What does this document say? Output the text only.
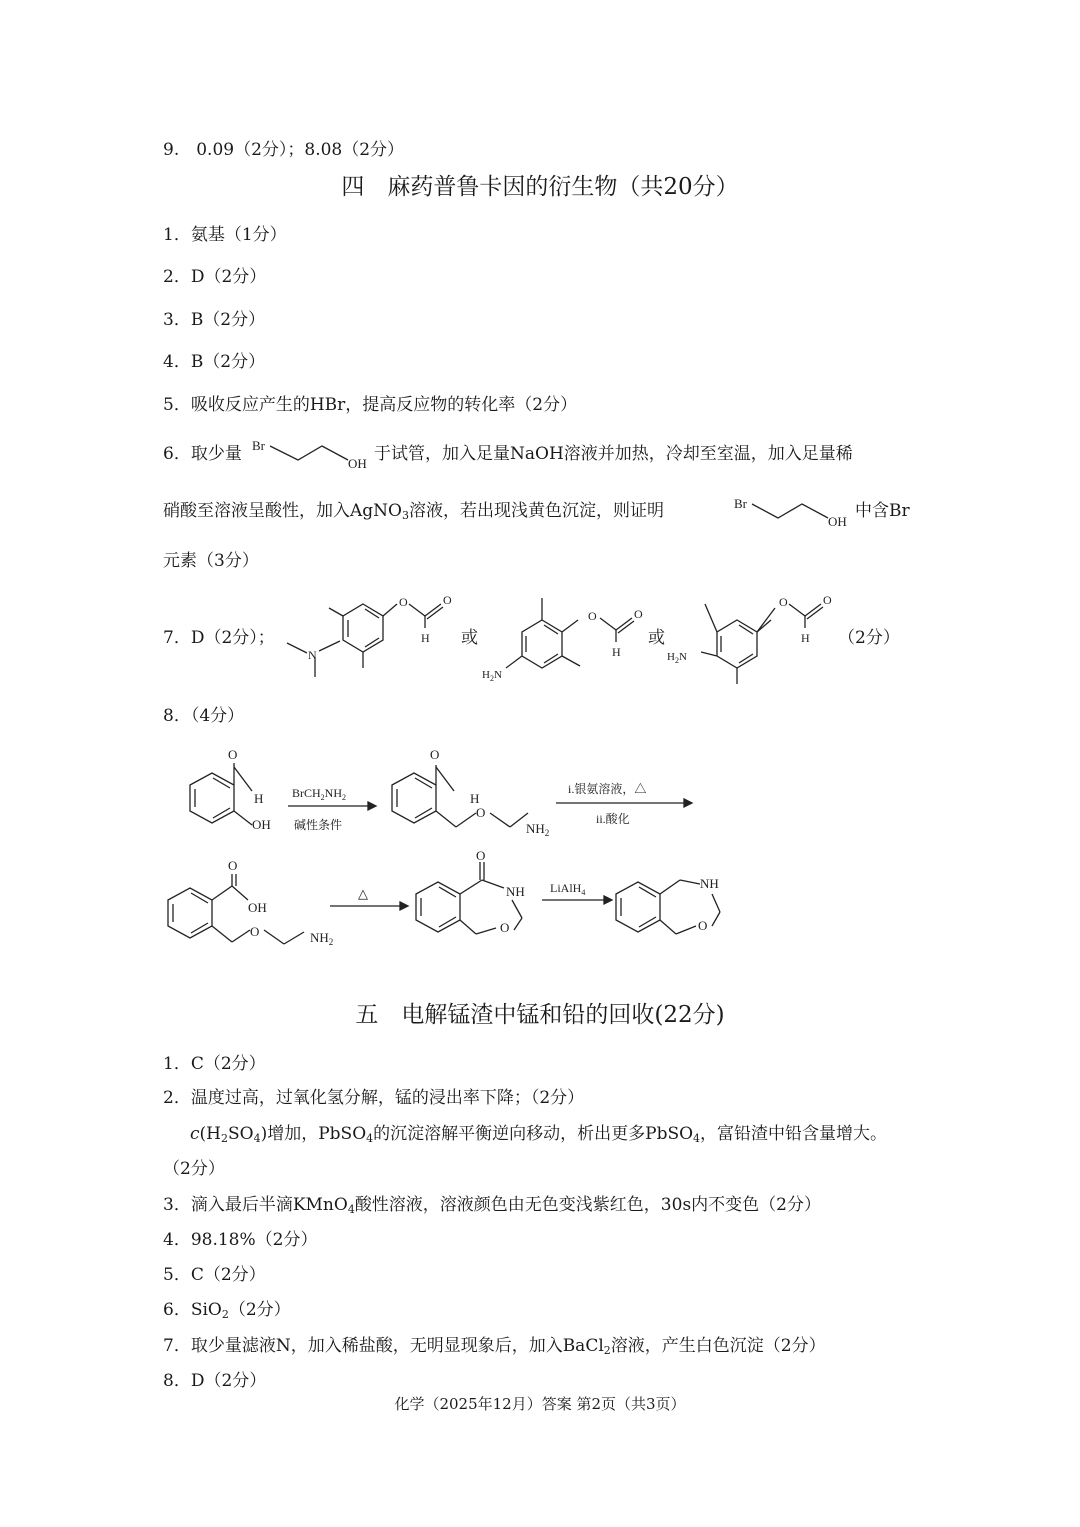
9.　0.09（2分）；8.08（2分）
四　麻药普鲁卡因的衍生物（共20分）
1．氨基（1分）
2．D（2分）
3．B（2分）
4．B（2分）
5．吸收反应产生的HBr，提高反应物的转化率（2分）
6．取少量 Br
OH 于试管，加入足量NaOH溶液并加热，冷却至室温，加入足量稀
硝酸至溶液呈酸性，加入AgNO$_3$溶液，若出现浅黄色沉淀，则证明	Br
OH
中含Br
元素（3分）
7．D（2分）；
O	O
H
N
或
O	O
H
$H_2N$
或
$H_2N$
O	O
H （2分）
8．（4分）
O
H
OH
$BrCH_2NH_2$
碱性条件
O
H
O
$NH_2$
i.银氨溶液，△
ii.酸化
O
OH
O	$NH_2$
△
O
NH
O
LiAlH$_4$
NH
O
五　电解锰渣中锰和铅的回收(22分)
1．C（2分）
2．温度过高，过氧化氢分解，锰的浸出率下降；（2分）
$c(H_2SO_4)$增加，PbSO$_4$的沉淀溶解平衡逆向移动，析出更多PbSO$_4$，富铅渣中铅含量增大。
（2分）
3．滴入最后半滴KMnO$_4$酸性溶液，溶液颜色由无色变浅紫红色，30s内不变色（2分）
4．98.18%（2分）
5．C（2分）
6．SiO$_2$（2分）
7．取少量滤液N，加入稀盐酸，无明显现象后，加入BaCl$_2$溶液，产生白色沉淀（2分）
8．D（2分）
化学（2025年12月）答案 第2页（共3页）
